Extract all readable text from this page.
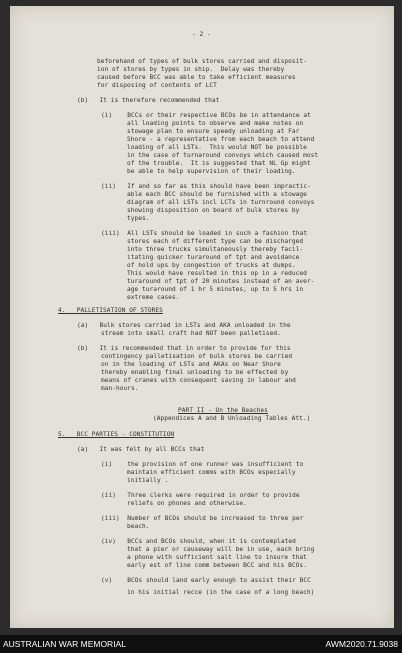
- 2 -
beforehand of types of bulk stores carried and disposit-
ion of stores by types in ship.  Delay was thereby
caused before BCC was able to take efficient measures
for disposing of contents of LCT
(b)   It is therefore recommended that
(i)    BCCs or their respective BCOs be in attendance at
all loading points to observe and make notes on
stowage plan to ensure speedy unloading at Far
Shore - a representative from each beach to attend
loading of all LSTs.  This would NOT be possible
in the case of turnaround convoys which caused most
of the trouble.  It is suggested that NL Gp might
be able to help supervision of their loading.
(ii)   If and so far as this should have been impractic-
able each BCC should be furnished with a stowage
diagram of all LSTs incl LCTs in turnround convoys
showing disposition on board of bulk stores by
types.
(iii)  All LSTs should be loaded in such a fashion that
stores each of different type can be discharged
into three trucks simultaneously thereby facil-
itating quicker turaround of tpt and avoidance
of hold ups by congestion of trucks at dumps.
This would have resulted in this op in a reduced
turaround of tpt of 20 minutes instead of an aver-
age turaround of 1 hr 5 minutes, up to 5 hrs in
extreme cases.
4.   PALLETISATION OF STORES
(a)   Bulk stores carried in LSTs and AKA unloaded in the
stream into small craft had NOT been palletised.
(b)   It is recommended that in order to provide for this
contingency palletisation of bulk stores be carried
on in the loading of LSTs and AKAs on Near Shore
thereby enabling final unloading to be effected by
means of cranes with consequent saving in labour and
man-hours.
PART II - On the Beaches
(Appendices A and B Unloading Tables Att.)
5.   BCC PARTIES - CONSTITUTION
(a)   It was felt by all BCCs that
(i)    the provision of one runner was insufficient to
maintain efficient comms with BCOs especially
initially .
(ii)   Three clerks were required in order to provide
reliefs on phones and otherwise.
(iii)  Number of BCOs should be increased to three per
beach.
(iv)   BCCs and BCOs should, when it is contemplated
that a pier or causeway will be in use, each bring
a phone with sufficient salt line to insure that
early est of line comm between BCC and his BCOs.
(v)    BCOs should land early enough to assist their BCC
in his initial recce (in the case of a long beach)
AUSTRALIAN WAR MEMORIAL	AWM2020.71.9038
